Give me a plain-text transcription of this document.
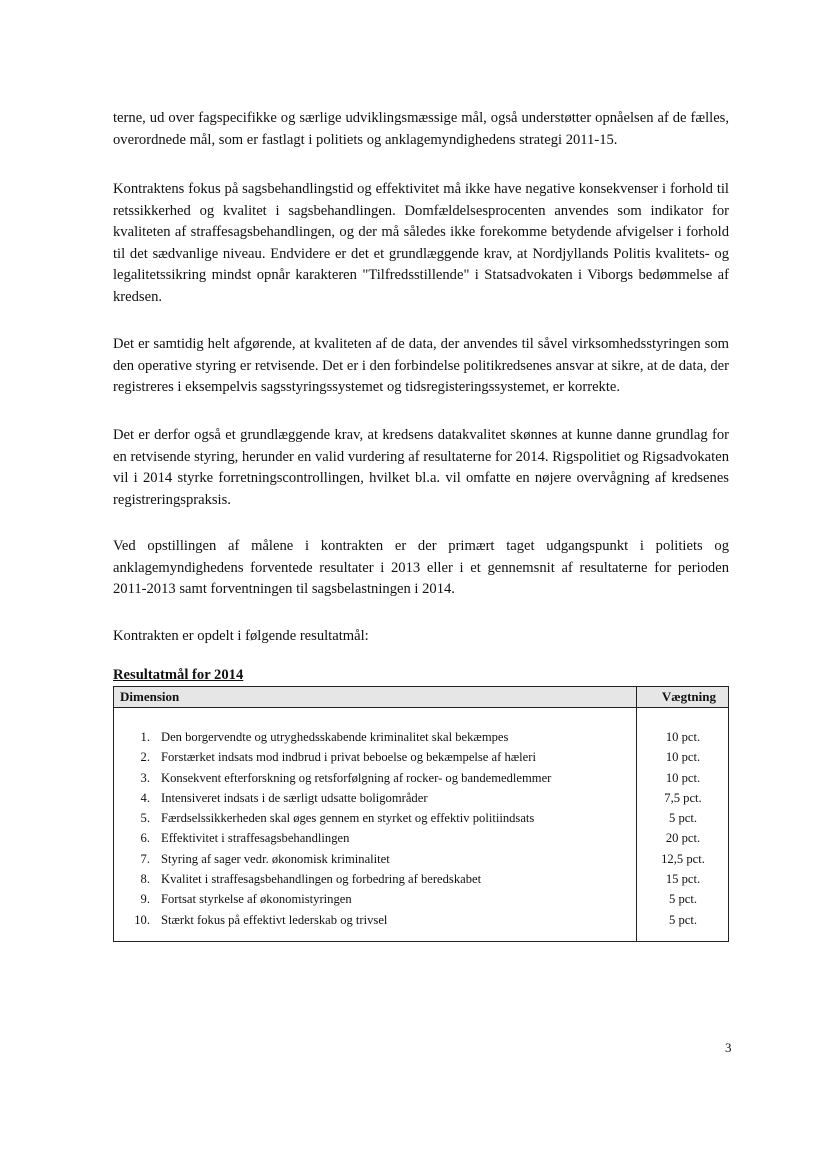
terne, ud over fagspecifikke og særlige udviklingsmæssige mål, også understøtter opnåelsen af de fælles, overordnede mål, som er fastlagt i politiets og anklagemyndighedens strategi 2011-15.

Kontraktens fokus på sagsbehandlingstid og effektivitet må ikke have negative konsekvenser i forhold til retssikkerhed og kvalitet i sagsbehandlingen. Domfældelsesprocenten anvendes som indikator for kvaliteten af straffesagsbehandlingen, og der må således ikke forekomme betydende afvigelser i forhold til det sædvanlige niveau. Endvidere er det et grundlæggende krav, at Nordjyllands Politis kvalitets- og legalitetssikring mindst opnår karakteren "Tilfredsstillende" i Statsadvokaten i Viborgs bedømmelse af kredsen.

Det er samtidig helt afgørende, at kvaliteten af de data, der anvendes til såvel virksomhedsstyringen som den operative styring er retvisende. Det er i den forbindelse politikredsenes ansvar at sikre, at de data, der registreres i eksempelvis sagsstyringssystemet og tidsregisteringssystemet, er korrekte.

Det er derfor også et grundlæggende krav, at kredsens datakvalitet skønnes at kunne danne grundlag for en retvisende styring, herunder en valid vurdering af resultaterne for 2014. Rigspolitiet og Rigsadvokaten vil i 2014 styrke forretningscontrollingen, hvilket bl.a. vil omfatte en nøjere overvågning af kredsenes registreringspraksis.

Ved opstillingen af målene i kontrakten er der primært taget udgangspunkt i politiets og anklagemyndighedens forventede resultater i 2013 eller i et gennemsnit af resultaterne for perioden 2011-2013 samt forventningen til sagsbelastningen i 2014.

Kontrakten er opdelt i følgende resultatmål:

Resultatmål for 2014

Dimension	Vægtning
1. Den borgervendte og utryghedsskabende kriminalitet skal bekæmpes
2. Forstærket indsats mod indbrud i privat beboelse og bekæmpelse af hæleri
3. Konsekvent efterforskning og retsforfølgning af rocker- og bandemedlemmer
4. Intensiveret indsats i de særligt udsatte boligområder
5. Færdselssikkerheden skal øges gennem en styrket og effektiv politiindsats
6. Effektivitet i straffesagsbehandlingen
7. Styring af sager vedr. økonomisk kriminalitet
8. Kvalitet i straffesagsbehandlingen og forbedring af beredskabet
9. Fortsat styrkelse af økonomistyringen
10. Stærkt fokus på effektivt lederskab og trivsel
10 pct.
10 pct.
10 pct.
7,5 pct.
5 pct.
20 pct.
12,5 pct.
15 pct.
5 pct.
5 pct.
3
